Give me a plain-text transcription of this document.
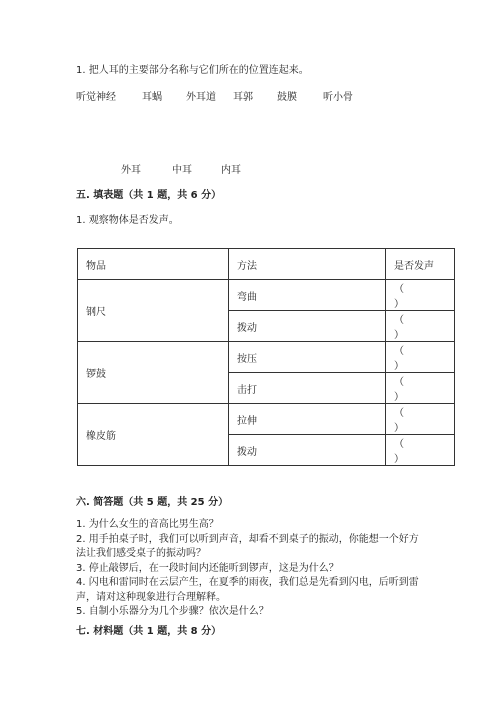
1. 把人耳的主要部分名称与它们所在的位置连起来。
听觉神经	耳蜗 外耳道 耳郭 鼓膜	听小骨
外耳	中耳	内耳
五. 填表题（共 1 题，共 6 分）
1. 观察物体是否发声。
物品	方法	是否发声
钢尺	弯曲	（）
	拨动	（）
锣鼓	按压	（）
	击打	（）
橡皮筋	拉伸	（）
	拨动	（）
六. 简答题（共 5 题，共 25 分）
1. 为什么女生的音高比男生高？
2. 用手拍桌子时，我们可以听到声音，却看不到桌子的振动，你能想一个好方
法让我们感受桌子的振动吗？
3. 停止敲锣后，在一段时间内还能听到锣声，这是为什么？
4. 闪电和雷同时在云层产生，在夏季的雨夜，我们总是先看到闪电，后听到雷
声，请对这种现象进行合理解释。
5. 自制小乐器分为几个步骤？依次是什么？
七. 材料题（共 1 题，共 8 分）
